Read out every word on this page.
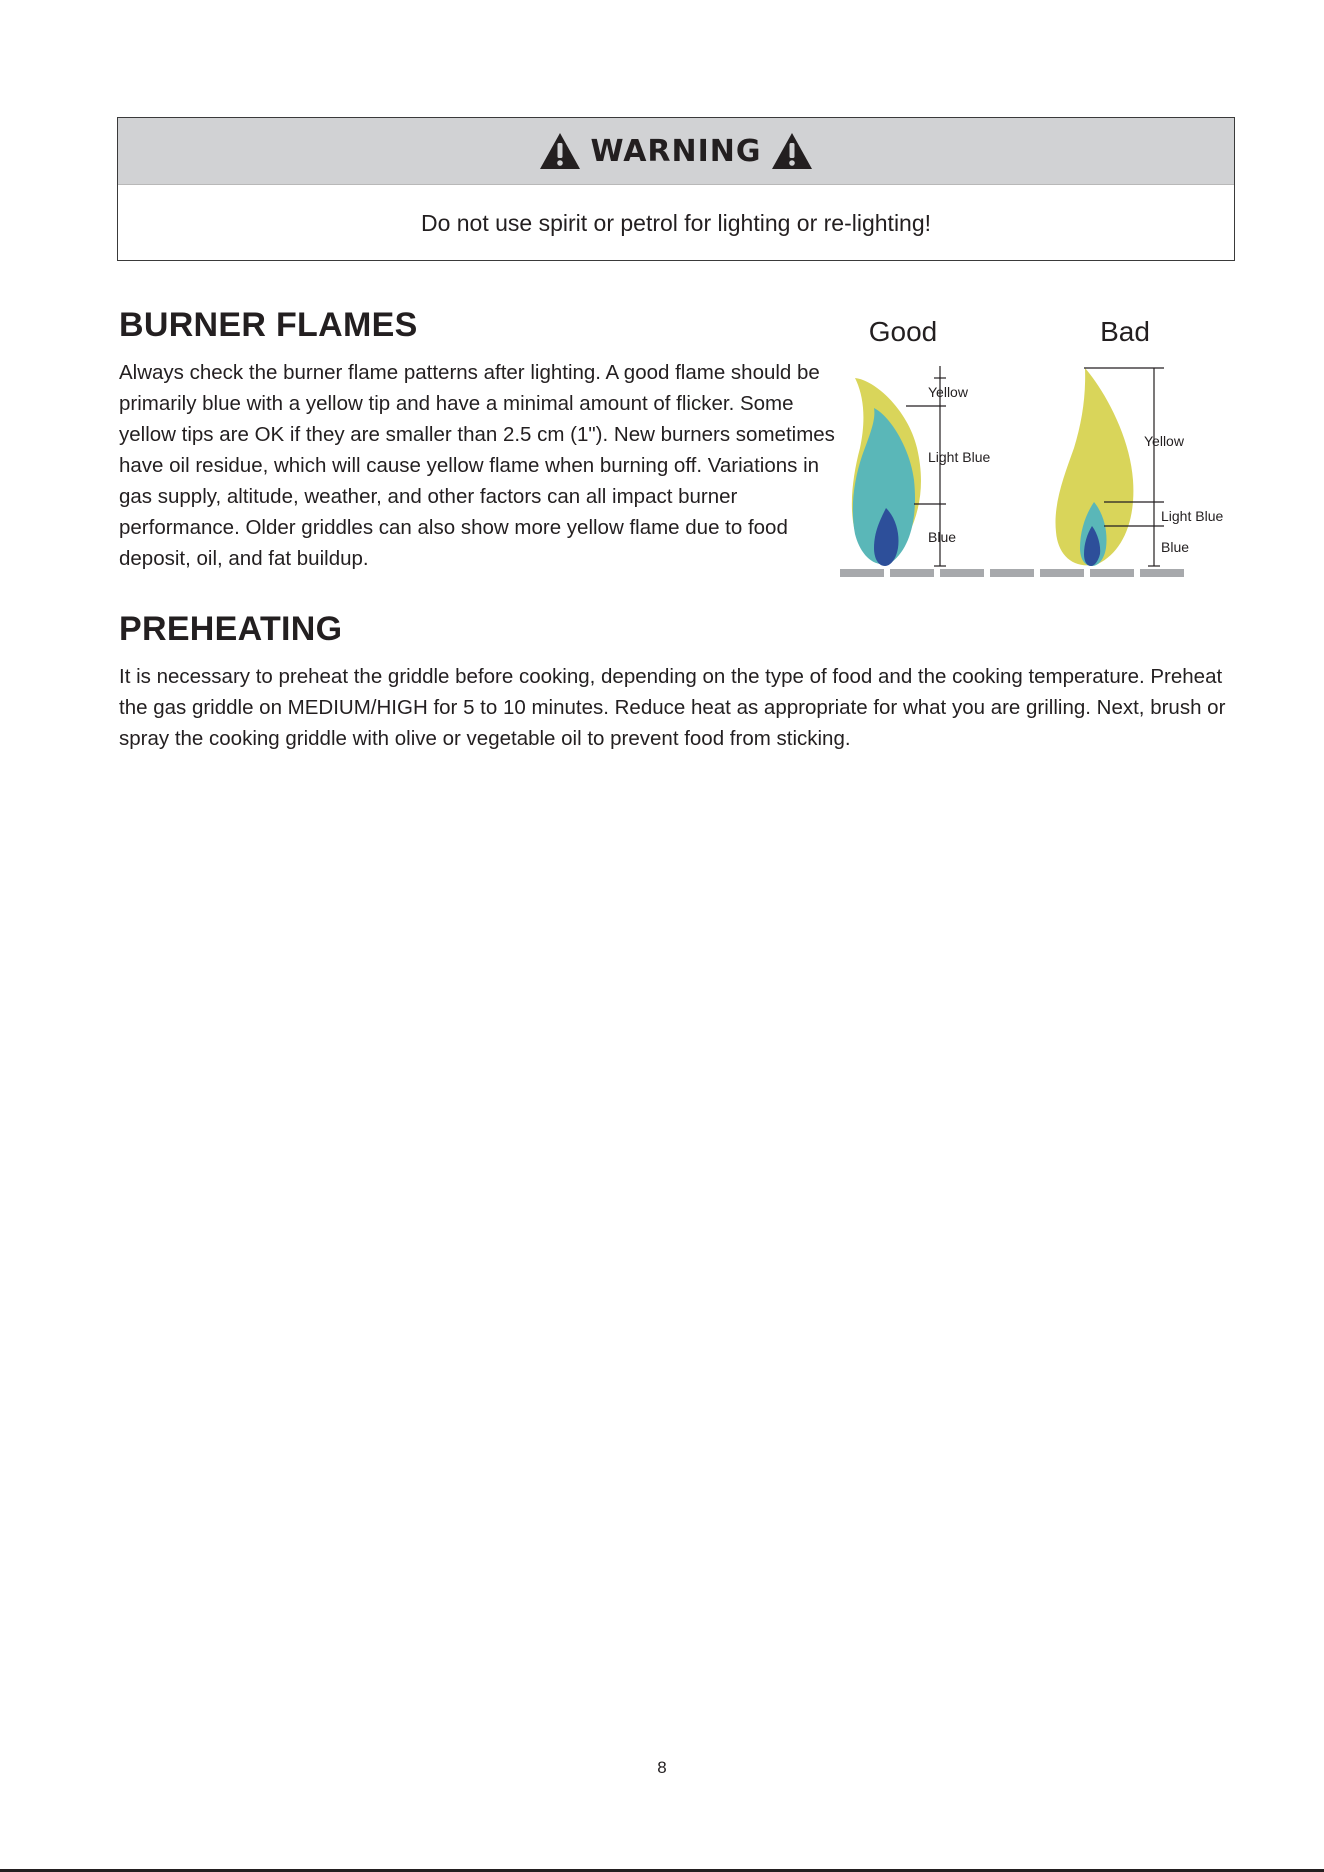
WARNING
Do not use spirit or petrol for lighting or re-lighting!
BURNER FLAMES

Always check the burner flame patterns after lighting. A good flame should be primarily blue with a yellow tip and have a minimal amount of flicker. Some yellow tips are OK if they are smaller than 2.5 cm (1"). New burners sometimes have oil residue, which will cause yellow flame when burning off. Variations in gas supply, altitude, weather, and other factors can all impact burner performance. Older griddles can also show more yellow flame due to food deposit, oil, and fat buildup.

Good	Bad
Yellow
Light Blue
Blue
Yellow
Light Blue
Blue
PREHEATING

It is necessary to preheat the griddle before cooking, depending on the type of food and the cooking temperature. Preheat the gas griddle on MEDIUM/HIGH for 5 to 10 minutes. Reduce heat as appropriate for what you are grilling. Next, brush or spray the cooking griddle with olive or vegetable oil to prevent food from sticking.

8
